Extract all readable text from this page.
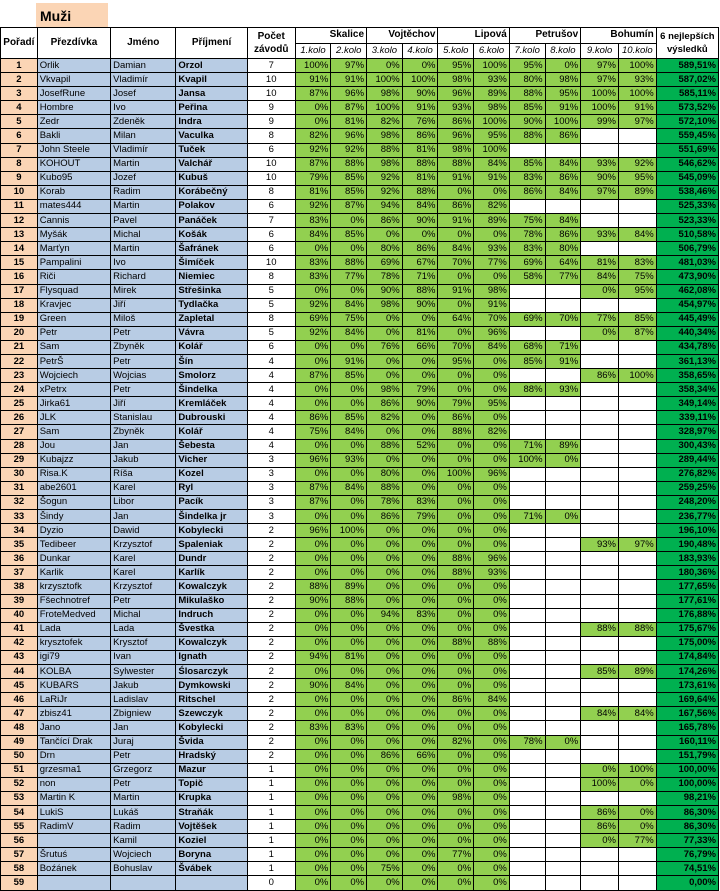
Muži
Pořadí	Přezdívka	Jméno	Příjmení	Počet závodů	Skalice		Vojtěchov		Lipová		Petrušov		Bohumín		6 nejlepších výsledků
					1.kolo	2.kolo	3.kolo	4.kolo	5.kolo	6.kolo	7.kolo	8.kolo	9.kolo	10.kolo	
1	Orlik	Damian	Orzol	7	100%	97%	0%	0%	95%	100%	95%	0%	97%	100%	589,51%
2	Vkvapil	Vladimír	Kvapil	10	91%	91%	100%	100%	98%	93%	80%	98%	97%	93%	587,02%
3	JosefRune	Josef	Jansa	10	87%	96%	98%	90%	96%	89%	88%	95%	100%	100%	585,11%
4	Hombre	Ivo	Peřina	9	0%	87%	100%	91%	93%	98%	85%	91%	100%	91%	573,52%
5	Zedr	Zdeněk	Indra	9	0%	81%	82%	76%	86%	100%	90%	100%	99%	97%	572,10%
6	Bakli	Milan	Vaculka	8	82%	96%	98%	86%	96%	95%	88%	86%			559,45%
7	John Steele	Vladimír	Tuček	6	92%	92%	88%	81%	98%	100%					551,69%
8	KOHOUT	Martin	Valchář	10	87%	88%	98%	88%	88%	84%	85%	84%	93%	92%	546,62%
9	Kubo95	Jozef	Kubuš	10	79%	85%	92%	81%	91%	91%	83%	86%	90%	95%	545,09%
10	Korab	Radim	Korábečný	8	81%	85%	92%	88%	0%	0%	86%	84%	97%	89%	538,46%
11	mates444	Martin	Polakov	6	92%	87%	94%	84%	86%	82%					525,33%
12	Cannis	Pavel	Panáček	7	83%	0%	86%	90%	91%	89%	75%	84%			523,33%
13	Myšák	Michal	Košák	6	84%	85%	0%	0%	0%	0%	78%	86%	93%	84%	510,58%
14	Marťyn	Martin	Šafránek	6	0%	0%	80%	86%	84%	93%	83%	80%			506,79%
15	Pampalini	Ivo	Šimíček	10	83%	88%	69%	67%	70%	77%	69%	64%	81%	83%	481,03%
16	Riči	Richard	Niemiec	8	83%	77%	78%	71%	0%	0%	58%	77%	84%	75%	473,90%
17	Flysquad	Mirek	Střešinka	5	0%	0%	90%	88%	91%	98%			0%	95%	462,08%
18	Kravjec	Jiří	Tydlačka	5	92%	84%	98%	90%	0%	91%					454,97%
19	Green	Miloš	Zapletal	8	69%	75%	0%	0%	64%	70%	69%	70%	77%	85%	445,49%
20	Petr	Petr	Vávra	5	92%	84%	0%	81%	0%	96%			0%	87%	440,34%
21	Sam	Zbyněk	Kolář	6	0%	0%	76%	66%	70%	84%	68%	71%			434,78%
22	PetrŠ	Petr	Šín	4	0%	91%	0%	0%	95%	0%	85%	91%			361,13%
23	Wojciech	Wojcias	Smolorz	4	87%	85%	0%	0%	0%	0%			86%	100%	358,65%
24	xPetrx	Petr	Šindelka	4	0%	0%	98%	79%	0%	0%	88%	93%			358,34%
25	Jirka61	Jiří	Kremláček	4	0%	0%	86%	90%	79%	95%					349,14%
26	JLK	Stanislau	Dubrouski	4	86%	85%	82%	0%	86%	0%					339,11%
27	Sam	Zbyněk	Kolář	4	75%	84%	0%	0%	88%	82%					328,97%
28	Jou	Jan	Šebesta	4	0%	0%	88%	52%	0%	0%	71%	89%			300,43%
29	Kubajzz	Jakub	Vicher	3	96%	93%	0%	0%	0%	0%	100%	0%			289,44%
30	Risa.K	Ríša	Kozel	3	0%	0%	80%	0%	100%	96%					276,82%
31	abe2601	Karel	Ryl	3	87%	84%	88%	0%	0%	0%					259,25%
32	Šogun	Libor	Pacík	3	87%	0%	78%	83%	0%	0%					248,20%
33	Šindy	Jan	Šindelka jr	3	0%	0%	86%	79%	0%	0%	71%	0%			236,77%
34	Dyzio	Dawid	Kobylecki	2	96%	100%	0%	0%	0%	0%					196,10%
35	Tedibeer	Krzysztof	Spaleniak	2	0%	0%	0%	0%	0%	0%			93%	97%	190,48%
36	Dunkar	Karel	Dundr	2	0%	0%	0%	0%	88%	96%					183,93%
37	Karlik	Karel	Karlík	2	0%	0%	0%	0%	88%	93%					180,36%
38	krzysztofk	Krzysztof	Kowalczyk	2	88%	89%	0%	0%	0%	0%					177,65%
39	Fšechnotref	Petr	Mikulaško	2	90%	88%	0%	0%	0%	0%					177,61%
40	FroteMedved	Michal	Indruch	2	0%	0%	94%	83%	0%	0%					176,88%
41	Lada	Lada	Švestka	2	0%	0%	0%	0%	0%	0%			88%	88%	175,67%
42	krysztofek	Krysztof	Kowalczyk	2	0%	0%	0%	0%	88%	88%					175,00%
43	igi79	Ivan	Ignath	2	94%	81%	0%	0%	0%	0%					174,84%
44	KOLBA	Sylwester	Ślosarczyk	2	0%	0%	0%	0%	0%	0%			85%	89%	174,26%
45	KUBARS	Jakub	Dymkowski	2	90%	84%	0%	0%	0%	0%					173,61%
46	LaRiJr	Ladislav	Ritschel	2	0%	0%	0%	0%	86%	84%					169,64%
47	zbisz41	Zbigniew	Szewczyk	2	0%	0%	0%	0%	0%	0%			84%	84%	167,56%
48	Jano	Jan	Kobylecki	2	83%	83%	0%	0%	0%	0%					165,78%
49	Tančící Drak	Juraj	Švida	2	0%	0%	0%	0%	82%	0%	78%	0%			160,11%
50	Drn	Petr	Hradský	2	0%	0%	86%	66%	0%	0%					151,79%
51	grzesma1	Grzegorz	Mazur	1	0%	0%	0%	0%	0%	0%			0%	100%	100,00%
52	non	Petr	Topič	1	0%	0%	0%	0%	0%	0%			100%	0%	100,00%
53	Martin K	Martin	Krupka	1	0%	0%	0%	0%	98%	0%					98,21%
54	LukiS	Lukáš	Straňák	1	0%	0%	0%	0%	0%	0%			86%	0%	86,30%
55	RadimV	Radim	Vojtěšek	1	0%	0%	0%	0%	0%	0%			86%	0%	86,30%
56		Kamil	Koziel	1	0%	0%	0%	0%	0%	0%			0%	77%	77,33%
57	Šrutuś	Wojciech	Boryna	1	0%	0%	0%	0%	77%	0%					76,79%
58	Boźánek	Bohuslav	Švábek	1	0%	0%	75%	0%	0%	0%					74,51%
59				0	0%	0%	0%	0%	0%	0%					0,00%
